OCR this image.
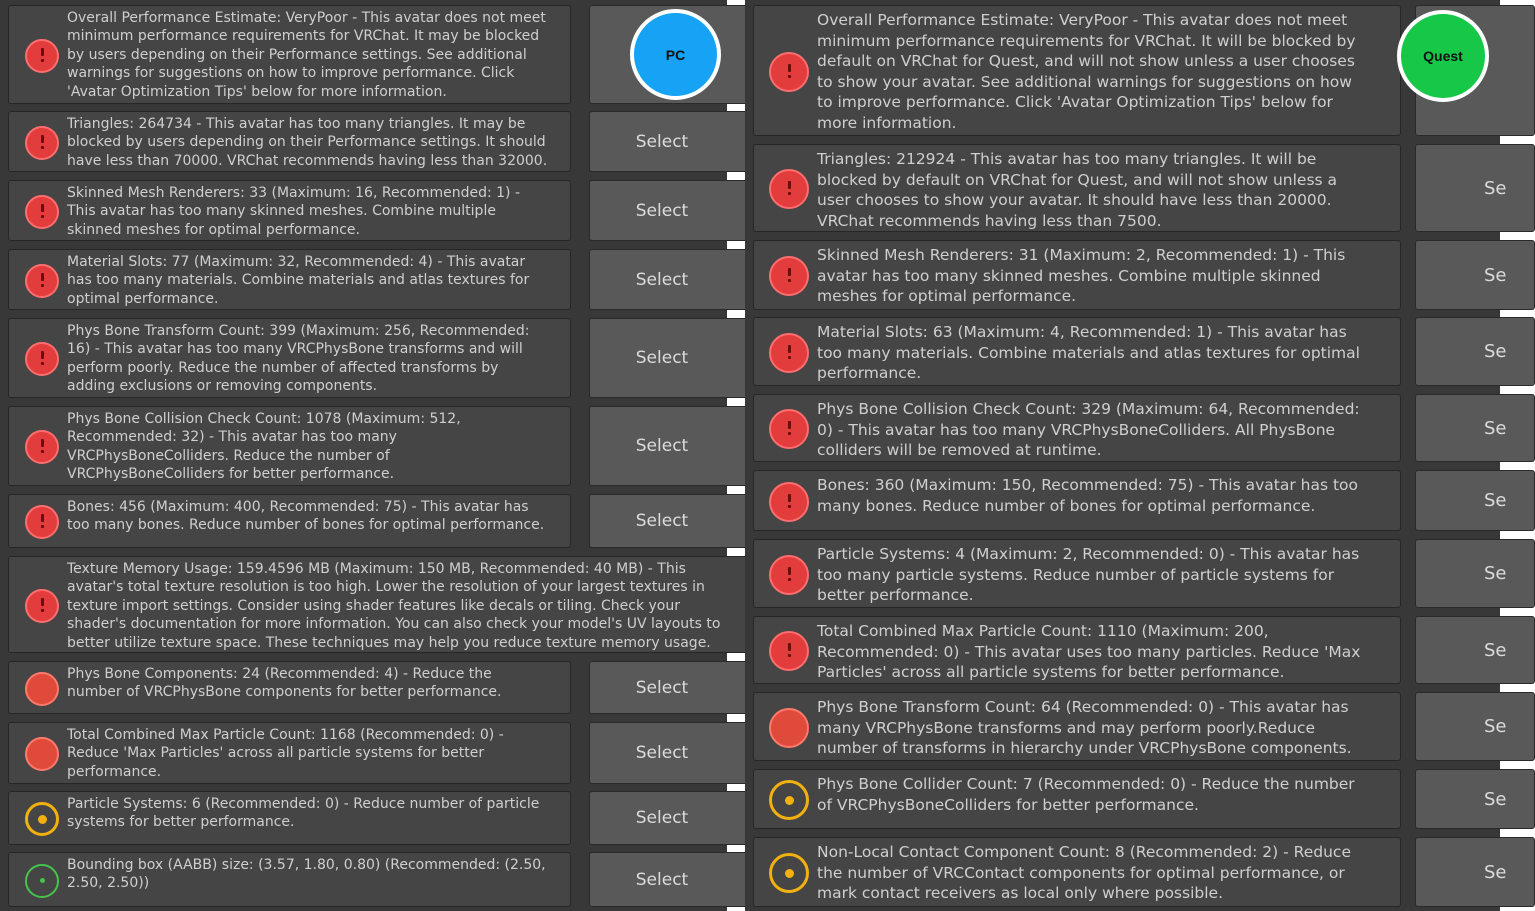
Overall Performance Estimate: VeryPoor - This avatar does not meet
minimum performance requirements for VRChat. It may be blocked
by users depending on their Performance settings. See additional
warnings for suggestions on how to improve performance. Click
'Avatar Optimization Tips' below for more information.
Triangles: 264734 - This avatar has too many triangles. It may be
blocked by users depending on their Performance settings. It should
have less than 70000. VRChat recommends having less than 32000.
Select
Skinned Mesh Renderers: 33 (Maximum: 16, Recommended: 1) -
This avatar has too many skinned meshes. Combine multiple
skinned meshes for optimal performance.
Select
Material Slots: 77 (Maximum: 32, Recommended: 4) - This avatar
has too many materials. Combine materials and atlas textures for
optimal performance.
Select
Phys Bone Transform Count: 399 (Maximum: 256, Recommended:
16) - This avatar has too many VRCPhysBone transforms and will
perform poorly. Reduce the number of affected transforms by
adding exclusions or removing components.
Select
Phys Bone Collision Check Count: 1078 (Maximum: 512,
Recommended: 32) - This avatar has too many
VRCPhysBoneColliders. Reduce the number of
VRCPhysBoneColliders for better performance.
Select
Bones: 456 (Maximum: 400, Recommended: 75) - This avatar has
too many bones. Reduce number of bones for optimal performance.	Select
Texture Memory Usage: 159.4596 MB (Maximum: 150 MB, Recommended: 40 MB) - This
avatar's total texture resolution is too high. Lower the resolution of your largest textures in
texture import settings. Consider using shader features like decals or tiling. Check your
shader's documentation for more information. You can also check your model's UV layouts to
better utilize texture space. These techniques may help you reduce texture memory usage.
Phys Bone Components: 24 (Recommended: 4) - Reduce the
number of VRCPhysBone components for better performance.	Select
Total Combined Max Particle Count: 1168 (Recommended: 0) -
Reduce 'Max Particles' across all particle systems for better
performance.
Select
Particle Systems: 6 (Recommended: 0) - Reduce number of particle
systems for better performance.	Select
Bounding box (AABB) size: (3.57, 1.80, 0.80) (Recommended: (2.50,
2.50, 2.50))	Select
Overall Performance Estimate: VeryPoor - This avatar does not meet
minimum performance requirements for VRChat. It will be blocked by
default on VRChat for Quest, and will not show unless a user chooses
to show your avatar. See additional warnings for suggestions on how
to improve performance. Click 'Avatar Optimization Tips' below for
more information.
Triangles: 212924 - This avatar has too many triangles. It will be
blocked by default on VRChat for Quest, and will not show unless a
user chooses to show your avatar. It should have less than 20000.
VRChat recommends having less than 7500.
Se
Skinned Mesh Renderers: 31 (Maximum: 2, Recommended: 1) - This
avatar has too many skinned meshes. Combine multiple skinned
meshes for optimal performance.
Se
Material Slots: 63 (Maximum: 4, Recommended: 1) - This avatar has
too many materials. Combine materials and atlas textures for optimal
performance.
Se
Phys Bone Collision Check Count: 329 (Maximum: 64, Recommended:
0) - This avatar has too many VRCPhysBoneColliders. All PhysBone
colliders will be removed at runtime.
Se
Bones: 360 (Maximum: 150, Recommended: 75) - This avatar has too
many bones. Reduce number of bones for optimal performance.	Se
Particle Systems: 4 (Maximum: 2, Recommended: 0) - This avatar has
too many particle systems. Reduce number of particle systems for
better performance.
Se
Total Combined Max Particle Count: 1110 (Maximum: 200,
Recommended: 0) - This avatar uses too many particles. Reduce 'Max
Particles' across all particle systems for better performance.
Se
Phys Bone Transform Count: 64 (Recommended: 0) - This avatar has
many VRCPhysBone transforms and may perform poorly.Reduce
number of transforms in hierarchy under VRCPhysBone components.
Se
Phys Bone Collider Count: 7 (Recommended: 0) - Reduce the number
of VRCPhysBoneColliders for better performance.	Se
Non-Local Contact Component Count: 8 (Recommended: 2) - Reduce
the number of VRCContact components for optimal performance, or
mark contact receivers as local only where possible.
Se
PC	Quest
